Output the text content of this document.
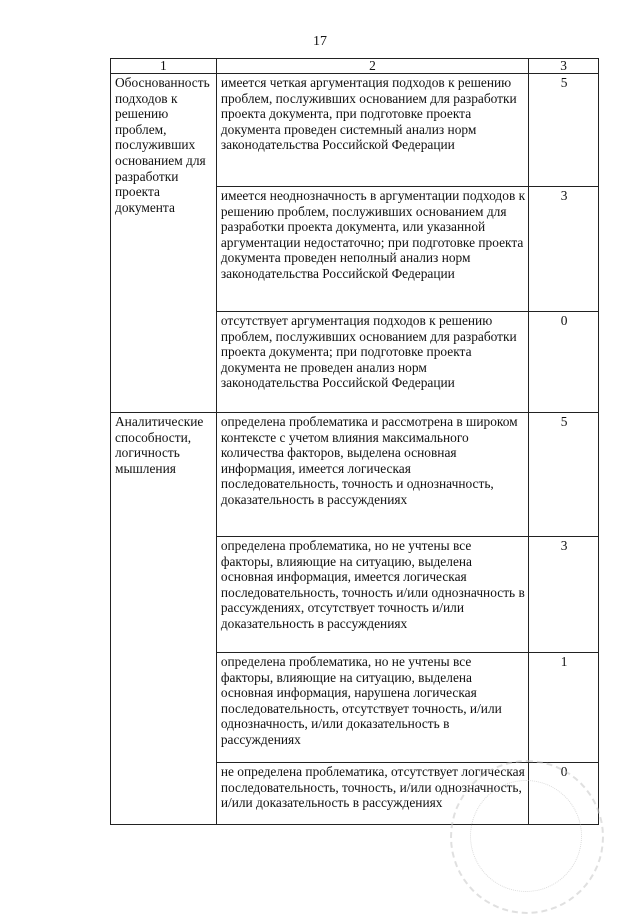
17
1	2	3
Обоснованность подходов к решению проблем, послуживших основанием для разработки проекта документа	имеется четкая аргументация подходов к решению проблем, послуживших основанием для разработки проекта документа, при подготовке проекта документа проведен системный анализ норм законодательства Российской Федерации	5
	имеется неоднозначность в аргументации подходов к решению проблем, послуживших основанием для разработки проекта документа, или указанной аргументации недостаточно; при подготовке проекта документа проведен неполный анализ норм законодательства Российской Федерации	3
	отсутствует аргументация подходов к решению проблем, послуживших основанием для разработки проекта документа; при подготовке проекта документа не проведен анализ норм законодательства Российской Федерации	0
Аналитические способности, логичность мышления	определена проблематика и рассмотрена в широком контексте с учетом влияния максимального количества факторов, выделена основная информация, имеется логическая последовательность, точность и однозначность, доказательность в рассуждениях	5
	определена проблематика, но не учтены все факторы, влияющие на ситуацию, выделена основная информация, имеется логическая последовательность, точность и/или однозначность в рассуждениях, отсутствует точность и/или доказательность в рассуждениях	3
	определена проблематика, но не учтены все факторы, влияющие на ситуацию, выделена основная информация, нарушена логическая последовательность, отсутствует точность, и/или однозначность, и/или доказательность в рассуждениях	1
	не определена проблематика, отсутствует логическая последовательность, точность, и/или однозначность, и/или доказательность в рассуждениях	0
